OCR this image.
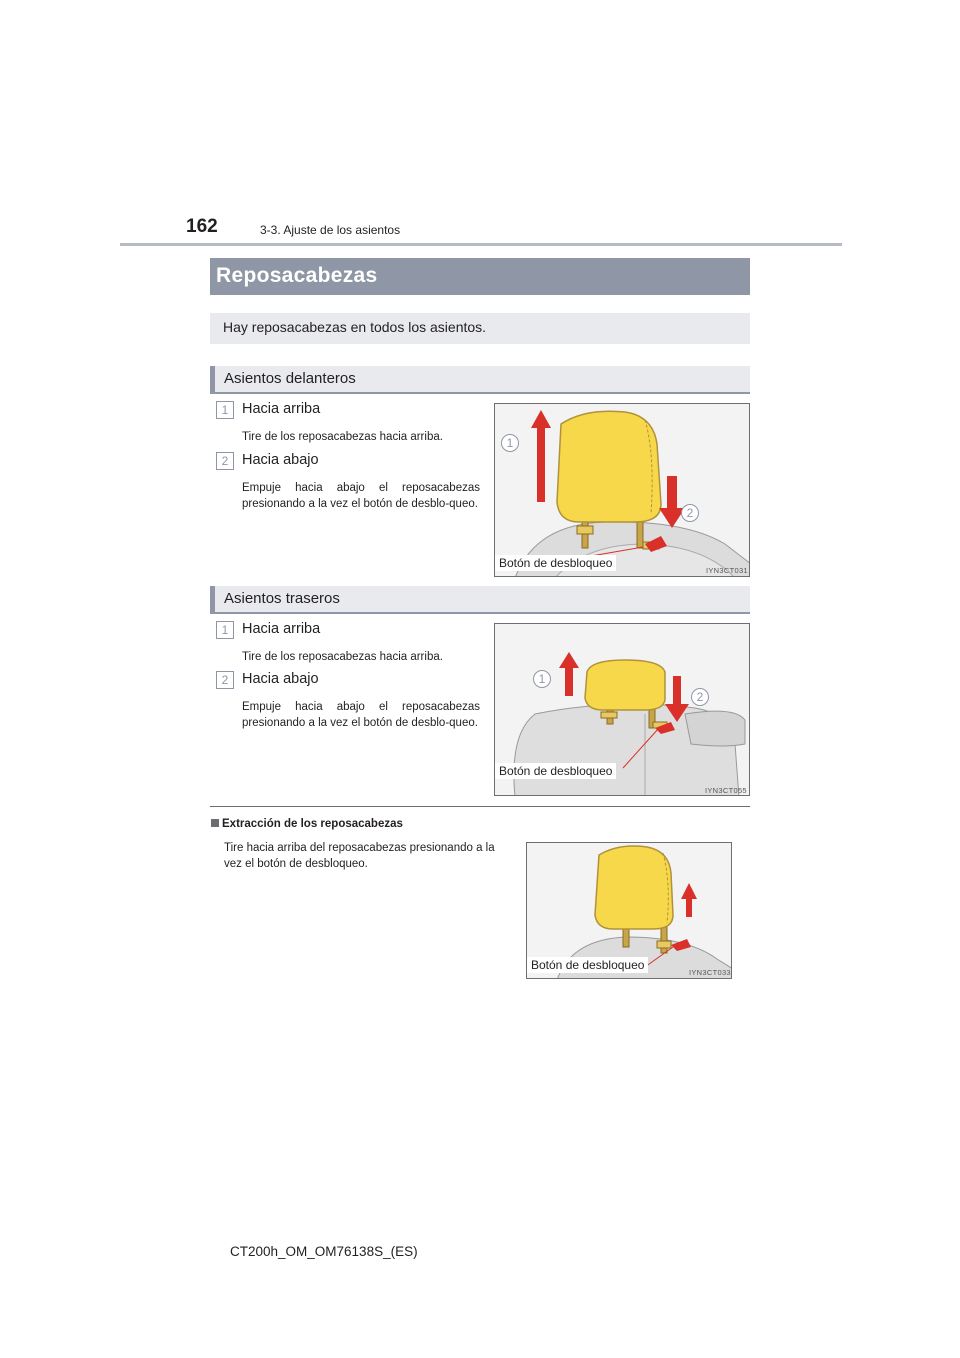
162	3-3. Ajuste de los asientos
Reposacabezas
Hay reposacabezas en todos los asientos.
Asientos delanteros
1 Hacia arriba
Tire de los reposacabezas hacia arriba.
2 Hacia abajo
Empuje hacia abajo el reposacabezas presionando a la vez el botón de desblo-queo.
1
2
Botón de desbloqueo
IYN3CT031
Asientos traseros
1 Hacia arriba
Tire de los reposacabezas hacia arriba.
2 Hacia abajo
Empuje hacia abajo el reposacabezas presionando a la vez el botón de desblo-queo.
1
2
Botón de desbloqueo
IYN3CT055
Extracción de los reposacabezas
Tire hacia arriba del reposacabezas presionando a la vez el botón de desbloqueo.
Botón de desbloqueo
IYN3CT033
CT200h_OM_OM76138S_(ES)
